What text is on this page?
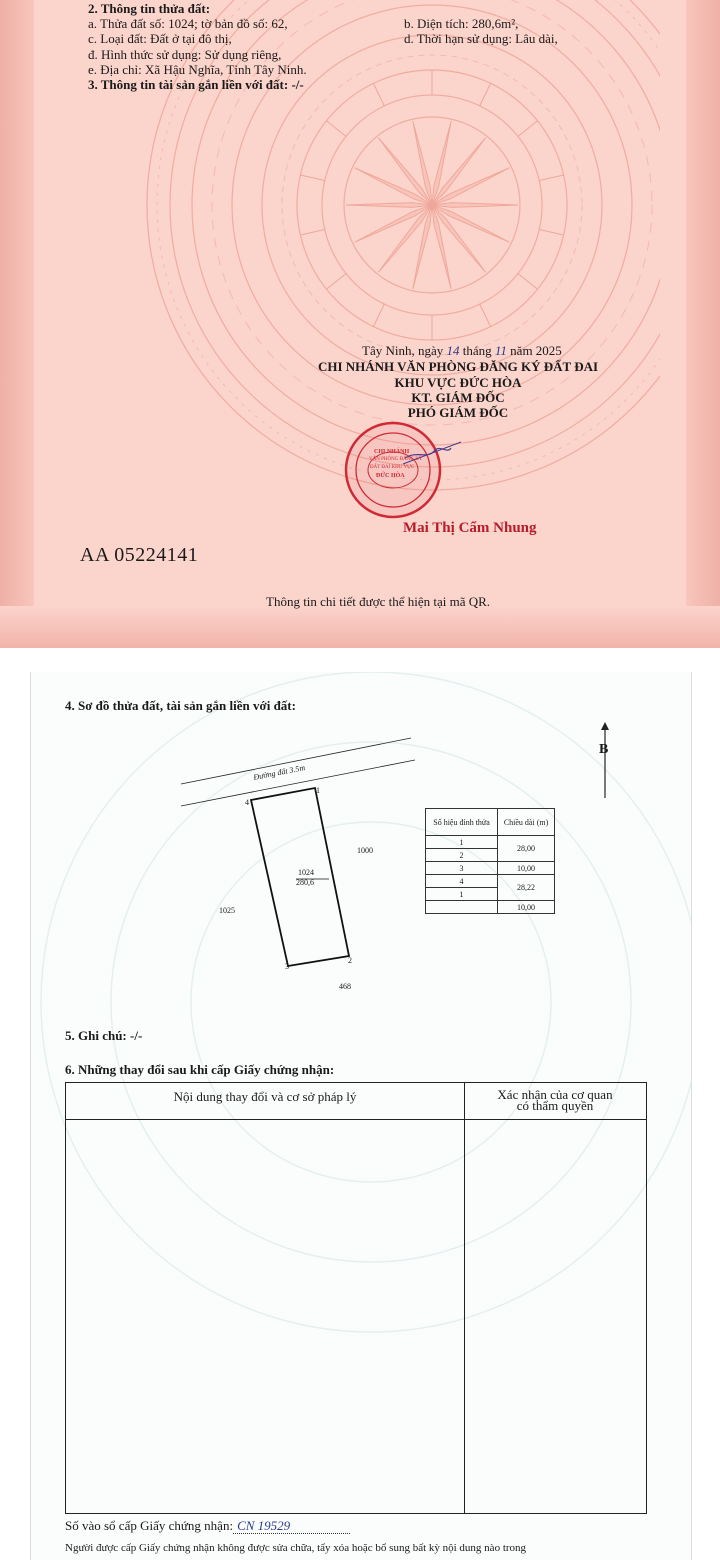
2. Thông tin thửa đất:
a. Thửa đất số: 1024; tờ bản đồ số: 62,	b. Diện tích: 280,6m²,
c. Loại đất: Đất ở tại đô thị,	d. Thời hạn sử dụng: Lâu dài,
đ. Hình thức sử dụng: Sử dụng riêng,
e. Địa chỉ: Xã Hậu Nghĩa, Tỉnh Tây Ninh.
3. Thông tin tài sản gắn liền với đất: -/-
Tây Ninh, ngày 14 tháng 11 năm 2025
CHI NHÁNH VĂN PHÒNG ĐĂNG KÝ ĐẤT ĐAI
KHU VỰC ĐỨC HÒA
KT. GIÁM ĐỐC
PHÓ GIÁM ĐỐC
CHI NHÁNH
VĂN PHÒNG ĐĂNG KÝ
ĐẤT ĐAI KHU VỰC
ĐỨC HÒA
Mai Thị Cẩm Nhung
AA 05224141
Thông tin chi tiết được thể hiện tại mã QR.
4. Sơ đồ thửa đất, tài sản gắn liền với đất:
B
Đường đất 3.5m
4
1
2
3
1024
280,6
1000
1025
468
Số hiệu đỉnh thửa	Chiều dài (m)
1	28,00
2	
3	10,00
4	28,22
1	
	10,00
5. Ghi chú: -/-
6. Những thay đổi sau khi cấp Giấy chứng nhận:
Nội dung thay đổi và cơ sở pháp lý	Xác nhận của cơ quan
có thẩm quyền
Số vào sổ cấp Giấy chứng nhận: CN 19529
Người được cấp Giấy chứng nhận không được sửa chữa, tẩy xóa hoặc bổ sung bất kỳ nội dung nào trong
